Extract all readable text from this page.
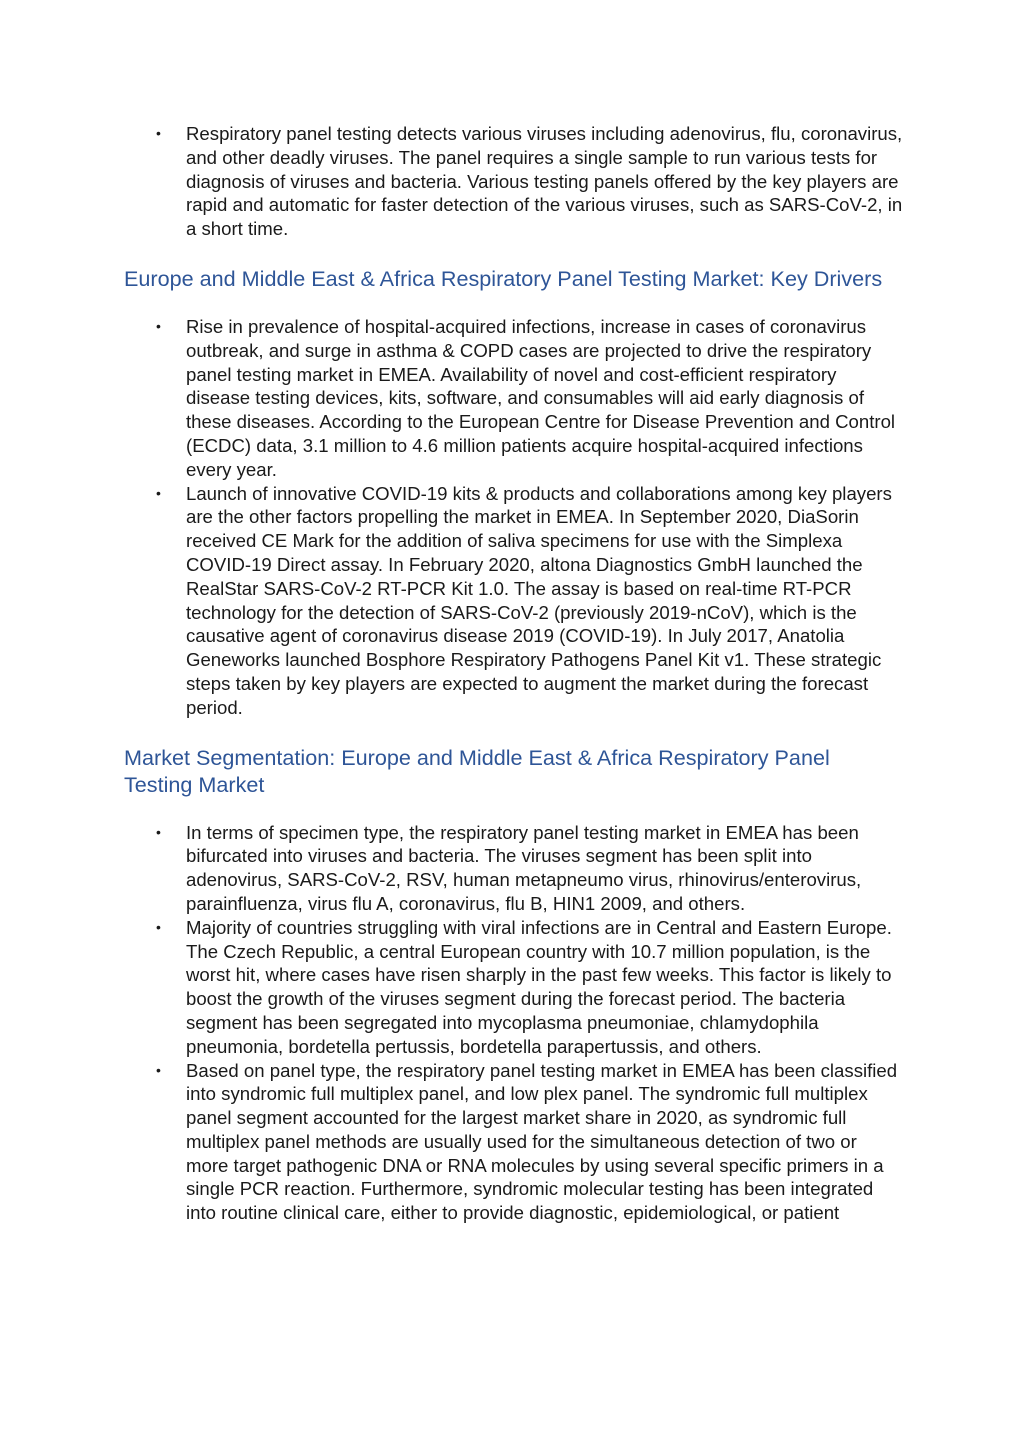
• Respiratory panel testing detects various viruses including adenovirus, flu, coronavirus, and other deadly viruses. The panel requires a single sample to run various tests for diagnosis of viruses and bacteria. Various testing panels offered by the key players are rapid and automatic for faster detection of the various viruses, such as SARS-CoV-2, in a short time.
Europe and Middle East & Africa Respiratory Panel Testing Market: Key Drivers
• Rise in prevalence of hospital-acquired infections, increase in cases of coronavirus outbreak, and surge in asthma & COPD cases are projected to drive the respiratory panel testing market in EMEA. Availability of novel and cost-efficient respiratory disease testing devices, kits, software, and consumables will aid early diagnosis of these diseases. According to the European Centre for Disease Prevention and Control (ECDC) data, 3.1 million to 4.6 million patients acquire hospital-acquired infections every year.
• Launch of innovative COVID-19 kits & products and collaborations among key players are the other factors propelling the market in EMEA. In September 2020, DiaSorin received CE Mark for the addition of saliva specimens for use with the Simplexa COVID-19 Direct assay. In February 2020, altona Diagnostics GmbH launched the RealStar SARS-CoV-2 RT-PCR Kit 1.0. The assay is based on real-time RT-PCR technology for the detection of SARS-CoV-2 (previously 2019-nCoV), which is the causative agent of coronavirus disease 2019 (COVID-19). In July 2017, Anatolia Geneworks launched Bosphore Respiratory Pathogens Panel Kit v1. These strategic steps taken by key players are expected to augment the market during the forecast period.
Market Segmentation: Europe and Middle East & Africa Respiratory Panel Testing Market
• In terms of specimen type, the respiratory panel testing market in EMEA has been bifurcated into viruses and bacteria. The viruses segment has been split into adenovirus, SARS-CoV-2, RSV, human metapneumo virus, rhinovirus/enterovirus, parainfluenza, virus flu A, coronavirus, flu B, HIN1 2009, and others.
• Majority of countries struggling with viral infections are in Central and Eastern Europe. The Czech Republic, a central European country with 10.7 million population, is the worst hit, where cases have risen sharply in the past few weeks. This factor is likely to boost the growth of the viruses segment during the forecast period. The bacteria segment has been segregated into mycoplasma pneumoniae, chlamydophila pneumonia, bordetella pertussis, bordetella parapertussis, and others.
• Based on panel type, the respiratory panel testing market in EMEA has been classified into syndromic full multiplex panel, and low plex panel. The syndromic full multiplex panel segment accounted for the largest market share in 2020, as syndromic full multiplex panel methods are usually used for the simultaneous detection of two or more target pathogenic DNA or RNA molecules by using several specific primers in a single PCR reaction. Furthermore, syndromic molecular testing has been integrated into routine clinical care, either to provide diagnostic, epidemiological, or patient
